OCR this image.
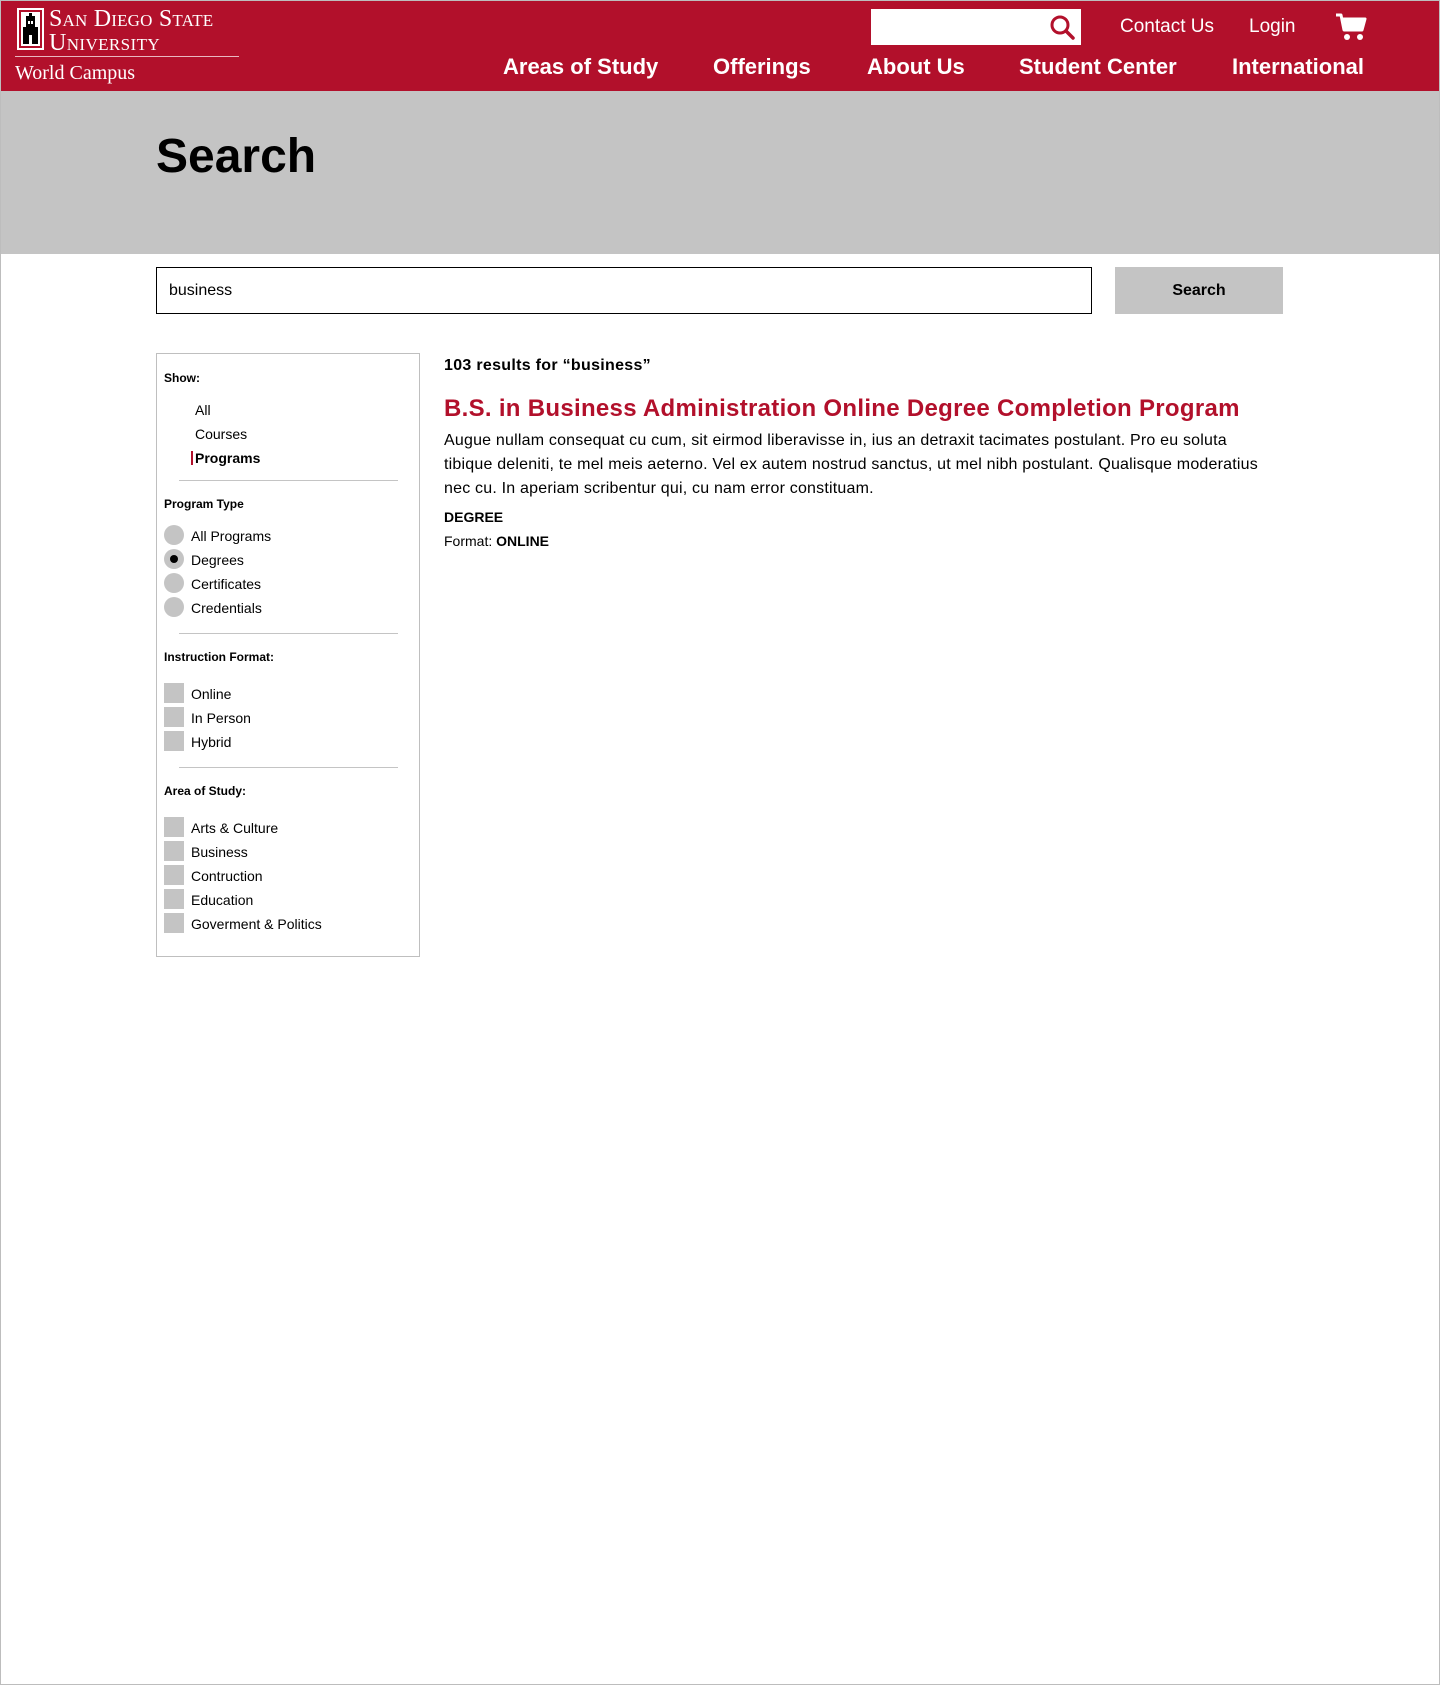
San Diego State
University
World Campus
Contact Us Login
Areas of Study Offerings	About Us Student Center	International
Search
business
Search
Show:
All
Courses
Programs
Program Type
All Programs
Degrees
Certificates
Credentials
Instruction Format:
Online
In Person
Hybrid
Area of Study:
Arts & Culture
Business
Contruction
Education
Goverment & Politics
103 results for “business”
B.S. in Business Administration Online Degree Completion Program
Augue nullam consequat cu cum, sit eirmod liberavisse in, ius an detraxit tacimates postulant. Pro eu soluta tibique deleniti, te mel meis aeterno. Vel ex autem nostrud sanctus, ut mel nibh postulant. Qualisque moderatius nec cu. In aperiam scribentur qui, cu nam error constituam.
DEGREE
Format: ONLINE
